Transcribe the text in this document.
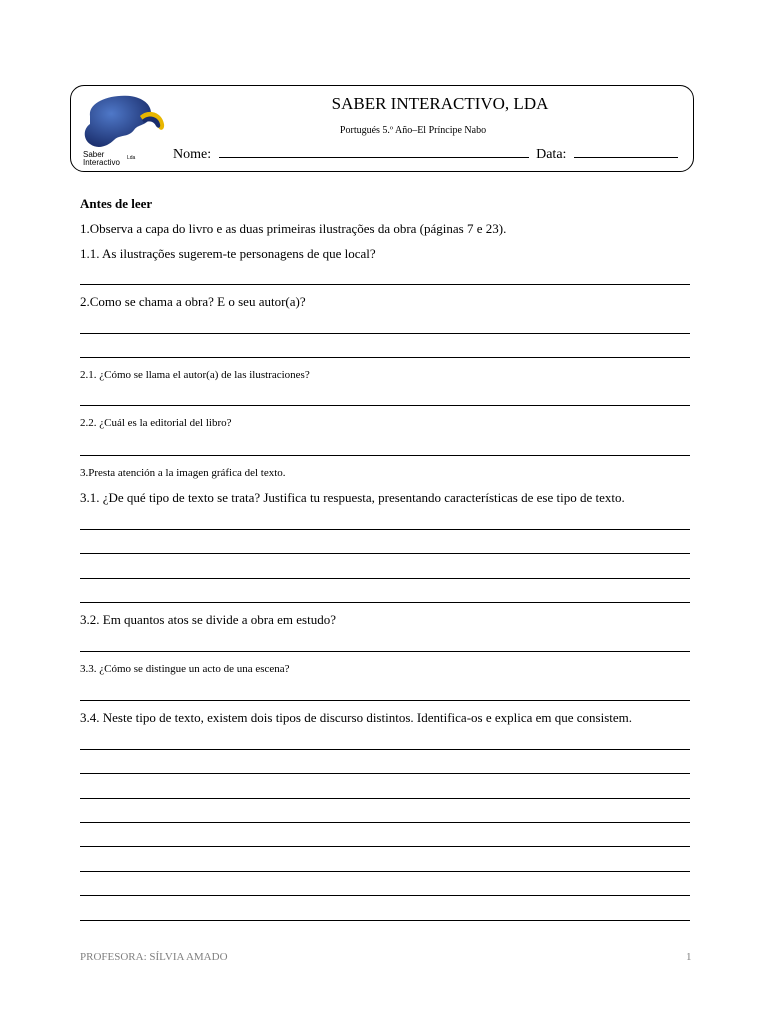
Saber
Interactivo Lda
SABER INTERACTIVO, LDA
Portugués 5.º Año–El Príncipe Nabo
Nome:	Data:
Antes de leer
1.Observa a capa do livro e as duas primeiras ilustrações da obra (páginas 7 e 23).
1.1. As ilustrações sugerem-te personagens de que local?
2.Como se chama a obra? E o seu autor(a)?
2.1. ¿Cómo se llama el autor(a) de las ilustraciones?
2.2. ¿Cuál es la editorial del libro?
3.Presta atención a la imagen gráfica del texto.
3.1. ¿De qué tipo de texto se trata? Justifica tu respuesta, presentando características de ese tipo de texto.
3.2. Em quantos atos se divide a obra em estudo?
3.3. ¿Cómo se distingue un acto de una escena?
3.4. Neste tipo de texto, existem dois tipos de discurso distintos. Identifica-os e explica em que consistem.
PROFESORA: SÍLVIA AMADO	1
